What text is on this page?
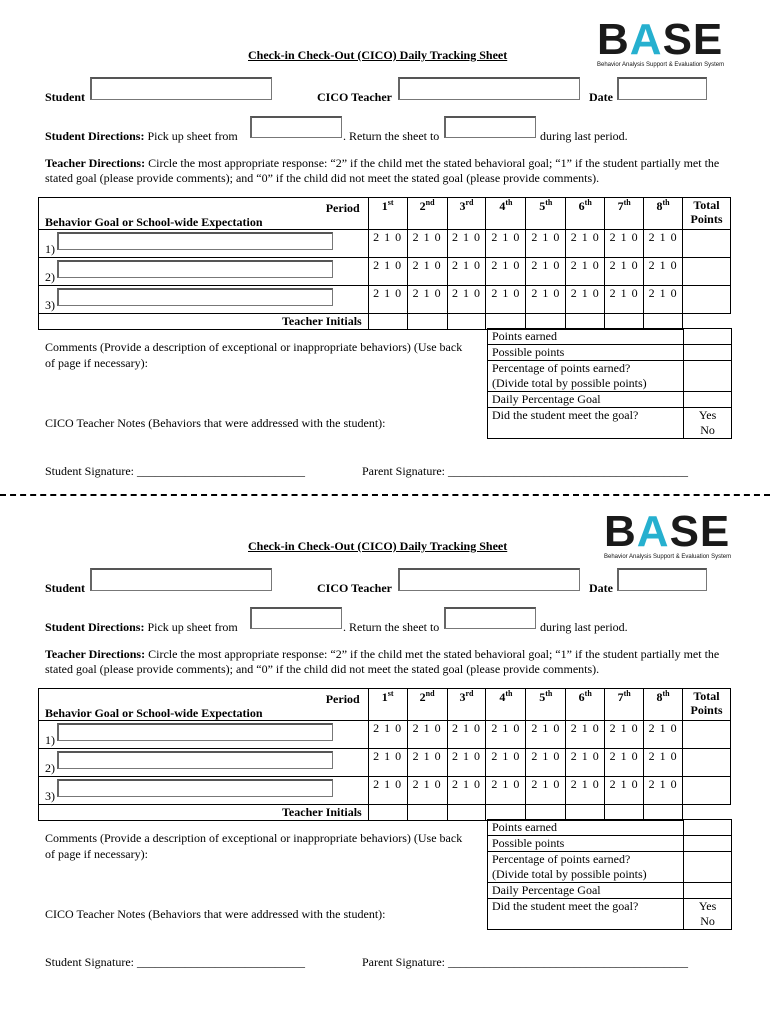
BASE
Behavior Analysis Support & Evaluation System
Check-in Check-Out (CICO) Daily Tracking Sheet
Student	CICO Teacher	Date
Student Directions: Pick up sheet from	. Return the sheet to	during last period.
Teacher Directions: Circle the most appropriate response: “2” if the child met the stated behavioral goal; “1” if the student partially met the stated goal (please provide comments); and “0” if the child did not meet the stated goal (please provide comments).
Period
Behavior Goal or School-wide Expectation	1st	2nd	3rd	4th	5th	6th	7th	8th	Total Points

1)	2 1 0	2 1 0	2 1 0	2 1 0	2 1 0	2 1 0	2 1 0	2 1 0	

2)	2 1 0	2 1 0	2 1 0	2 1 0	2 1 0	2 1 0	2 1 0	2 1 0	

3)	2 1 0	2 1 0	2 1 0	2 1 0	2 1 0	2 1 0	2 1 0	2 1 0	
Teacher Initials									
Comments (Provide a description of exceptional or inappropriate behaviors) (Use back of page if necessary):
CICO Teacher Notes (Behaviors that were addressed with the student):
Points earned	
Possible points	

Percentage of points earned?
(Divide total by possible points)	

Daily Percentage Goal	
Did the student meet the goal?	Yes
No
Student Signature: ____________________________	Parent Signature: ________________________________________
BASE
Behavior Analysis Support & Evaluation System
Check-in Check-Out (CICO) Daily Tracking Sheet
Student	CICO Teacher	Date
Student Directions: Pick up sheet from	. Return the sheet to	during last period.
Teacher Directions: Circle the most appropriate response: “2” if the child met the stated behavioral goal; “1” if the student partially met the stated goal (please provide comments); and “0” if the child did not meet the stated goal (please provide comments).
Period
Behavior Goal or School-wide Expectation	1st	2nd	3rd	4th	5th	6th	7th	8th	Total Points

1)	2 1 0	2 1 0	2 1 0	2 1 0	2 1 0	2 1 0	2 1 0	2 1 0	

2)	2 1 0	2 1 0	2 1 0	2 1 0	2 1 0	2 1 0	2 1 0	2 1 0	

3)	2 1 0	2 1 0	2 1 0	2 1 0	2 1 0	2 1 0	2 1 0	2 1 0	
Teacher Initials									
Comments (Provide a description of exceptional or inappropriate behaviors) (Use back of page if necessary):
CICO Teacher Notes (Behaviors that were addressed with the student):
Points earned	
Possible points	

Percentage of points earned?
(Divide total by possible points)	

Daily Percentage Goal	
Did the student meet the goal?	Yes
No
Student Signature: ____________________________	Parent Signature: ________________________________________
